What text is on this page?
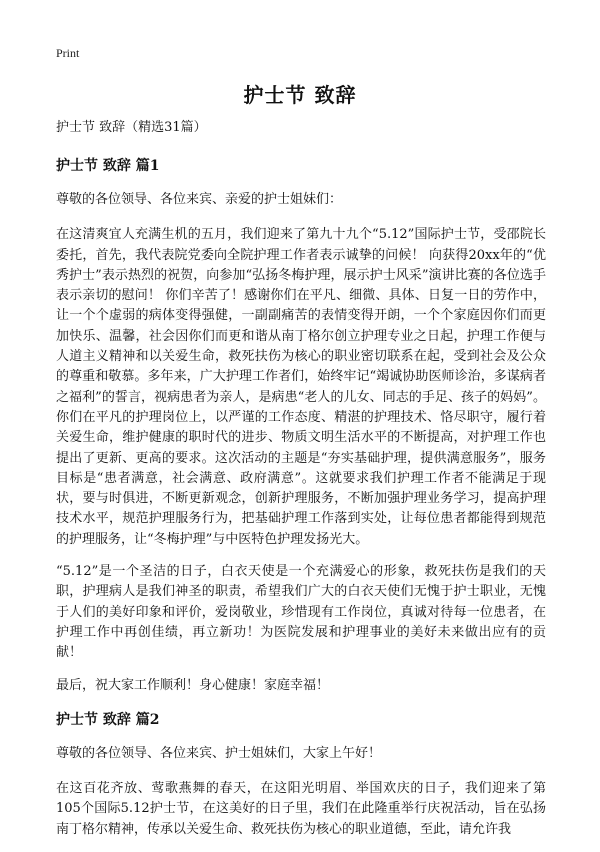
Print
护士节 致辞

护士节 致辞（精选31篇）

护士节 致辞 篇1

尊敬的各位领导、各位来宾、亲爱的护士姐妹们：

在这清爽宜人充满生机的五月，我们迎来了第九十九个“5.12”国际护士节，受邵院长委托，首先，我代表院党委向全院护理工作者表示诚挚的问候！ 向获得20xx年的“优秀护士”表示热烈的祝贺，向参加“弘扬冬梅护理，展示护士风采”演讲比赛的各位选手表示亲切的慰问！ 你们辛苦了！感谢你们在平凡、细微、具体、日复一日的劳作中，让一个个虚弱的病体变得强健，一副副痛苦的表情变得开朗，一个个家庭因你们而更加快乐、温馨，社会因你们而更和谐从南丁格尔创立护理专业之日起，护理工作便与人道主义精神和以关爱生命，救死扶伤为核心的职业密切联系在起，受到社会及公众的尊重和敬慕。多年来，广大护理工作者们，始终牢记“竭诚协助医师诊治，多谋病者之福利”的誓言，视病患者为亲人，是病患“老人的儿女、同志的手足、孩子的妈妈”。你们在平凡的护理岗位上，以严谨的工作态度、精湛的护理技术、恪尽职守，履行着关爱生命，维护健康的职时代的进步、物质文明生活水平的不断提高，对护理工作也提出了更新、更高的要求。这次活动的主题是“夯实基础护理，提供满意服务”，服务目标是“患者满意，社会满意、政府满意”。这就要求我们护理工作者不能满足于现状，要与时俱进，不断更新观念，创新护理服务，不断加强护理业务学习，提高护理技术水平，规范护理服务行为，把基础护理工作落到实处，让每位患者都能得到规范的护理服务，让“冬梅护理”与中医特色护理发扬光大。

“5.12”是一个圣洁的日子，白衣天使是一个充满爱心的形象，救死扶伤是我们的天职，护理病人是我们神圣的职责，希望我们广大的白衣天使们无愧于护士职业，无愧于人们的美好印象和评价，爱岗敬业，珍惜现有工作岗位，真诚对待每一位患者，在护理工作中再创佳绩，再立新功！为医院发展和护理事业的美好未来做出应有的贡献！

最后，祝大家工作顺利！身心健康！家庭幸福！

护士节 致辞 篇2

尊敬的各位领导、各位来宾、护士姐妹们，大家上午好！

在这百花齐放、莺歌燕舞的春天，在这阳光明眉、举国欢庆的日子，我们迎来了第105个国际5.12护士节，在这美好的日子里，我们在此隆重举行庆祝活动，旨在弘扬南丁格尔精神，传承以关爱生命、救死扶伤为核心的职业道德，至此，请允许我
